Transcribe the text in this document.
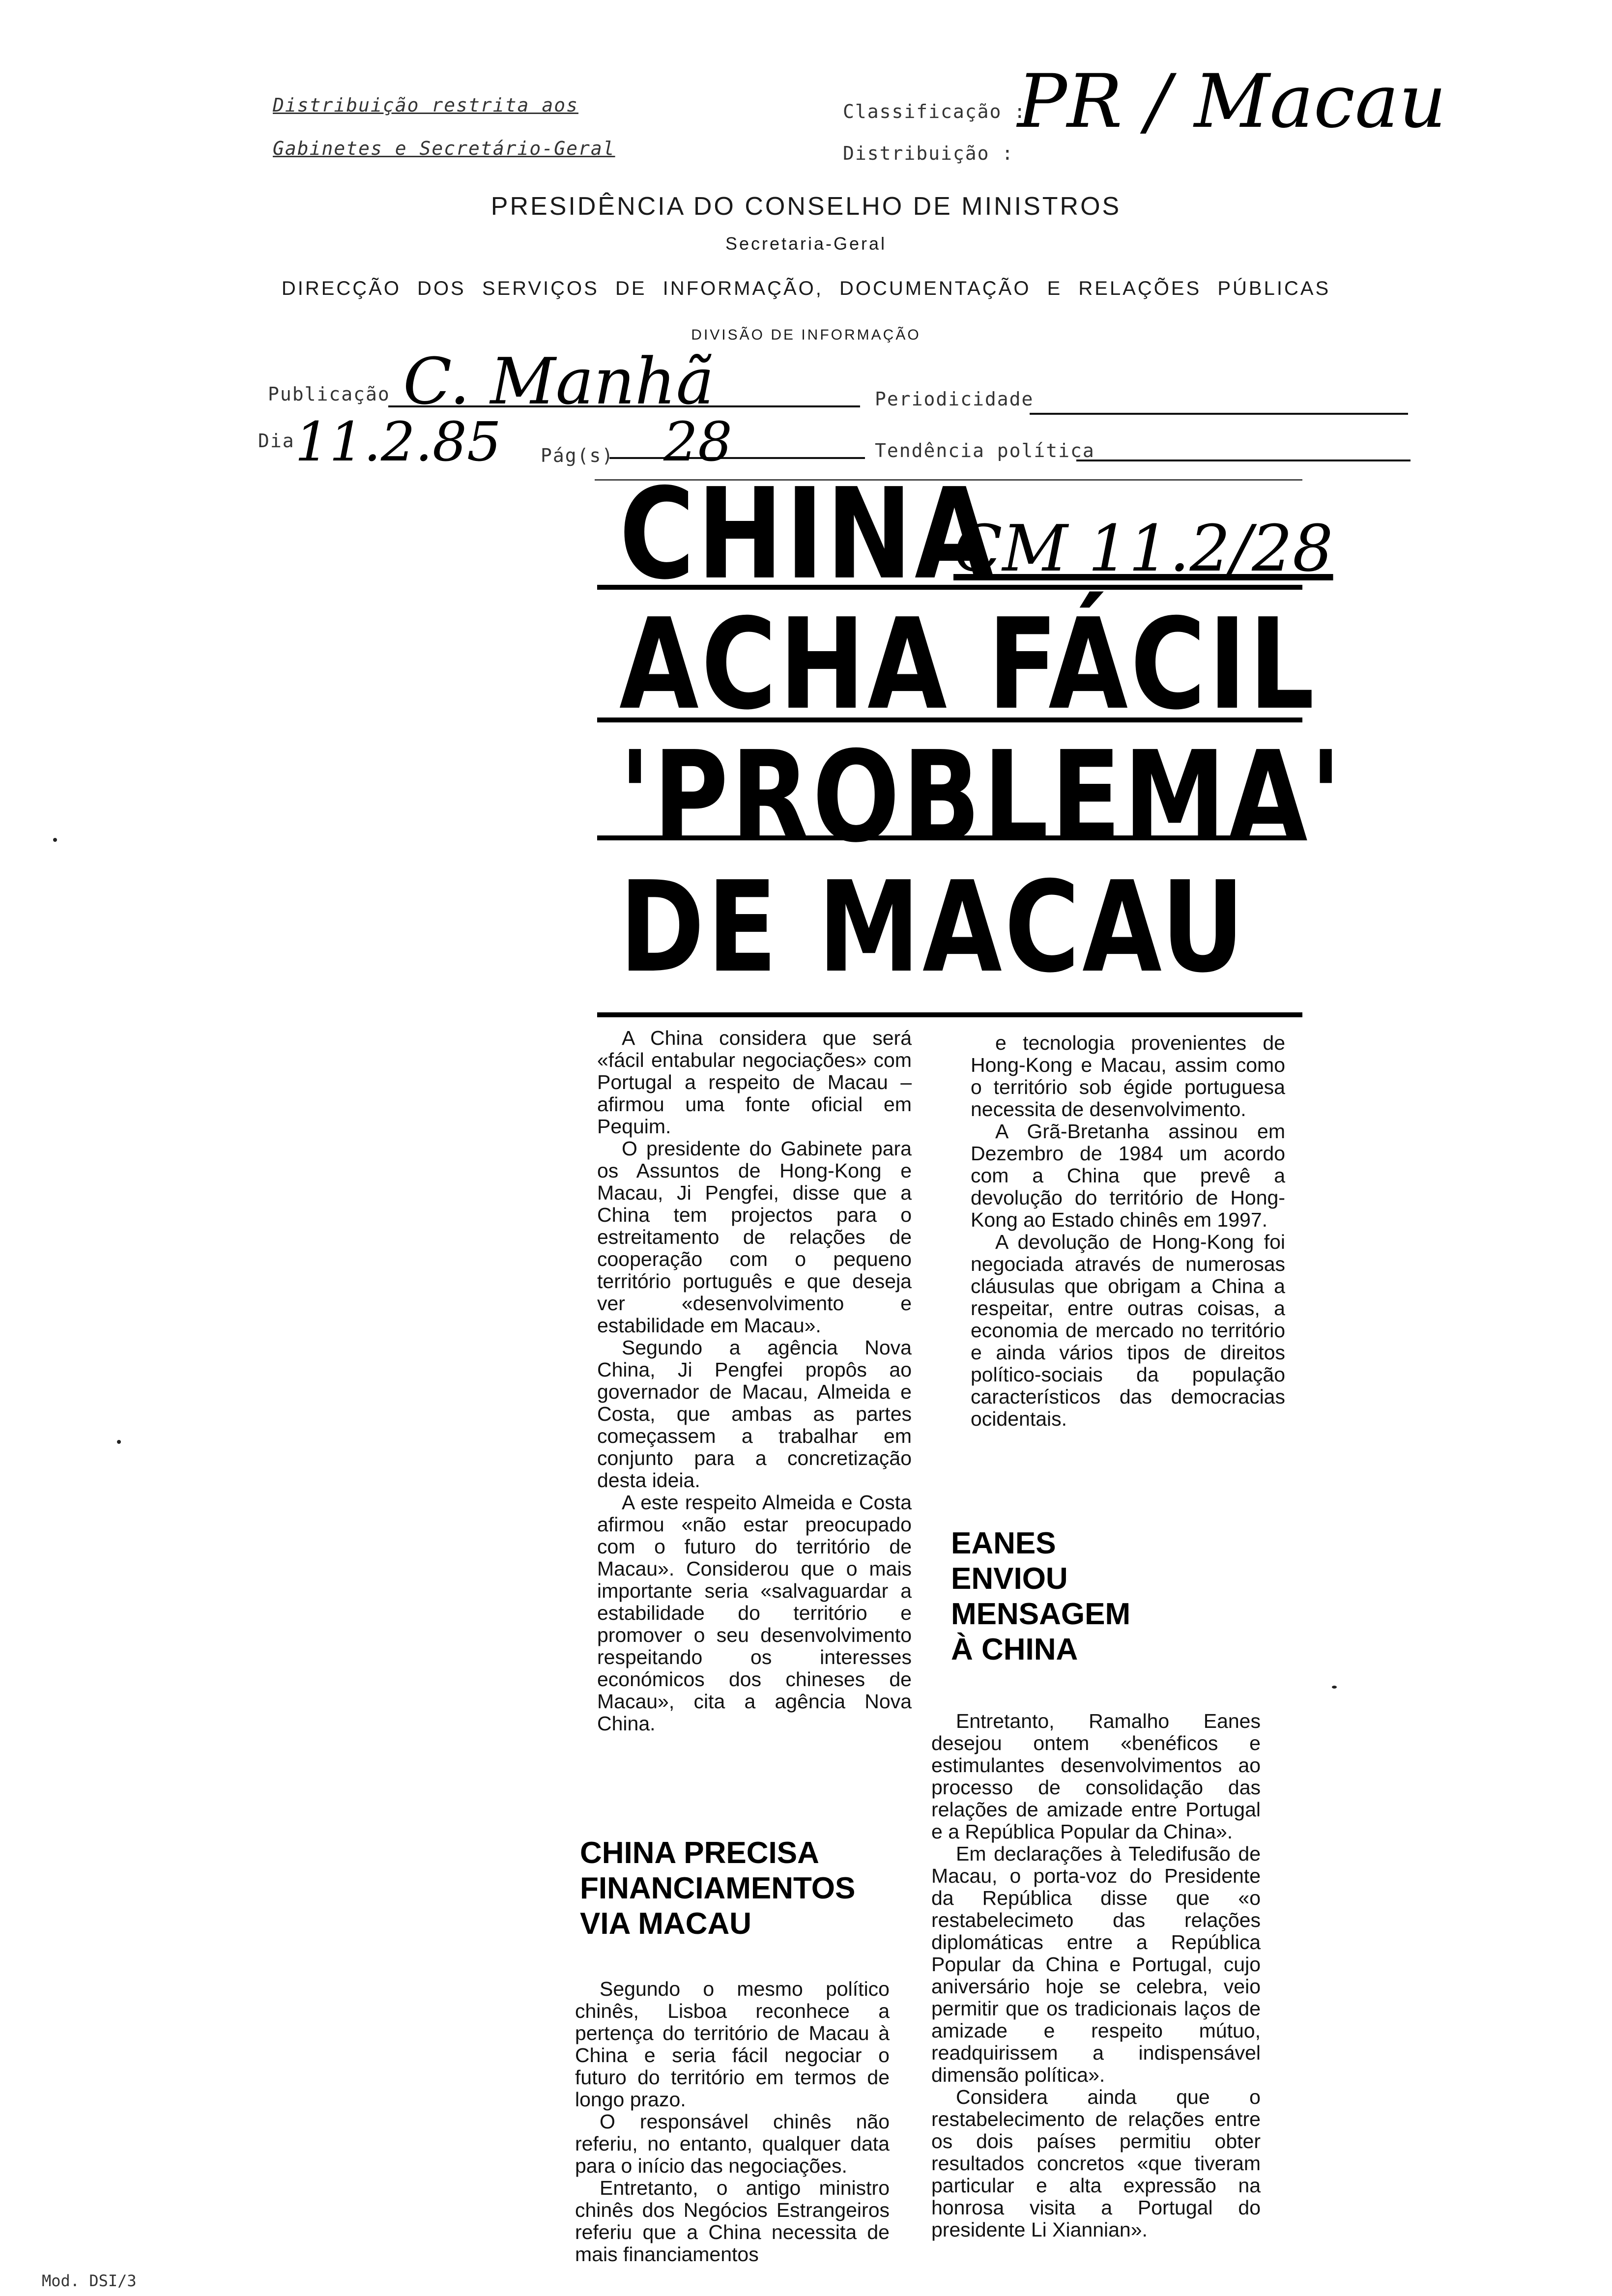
Distribuição restrita aos
Gabinetes e Secretário-Geral
Classificação :
Distribuição :
PR / Macau
PRESIDÊNCIA DO CONSELHO DE MINISTROS
Secretaria-Geral
DIRECÇÃO DOS SERVIÇOS DE INFORMAÇÃO, DOCUMENTAÇÃO E RELAÇÕES PÚBLICAS
DIVISÃO DE INFORMAÇÃO
Publicação C. Manhã	Periodicidade
Dia 11.2.85 Pág(s) 28	Tendência política
CHINA
CM 11.2/28
ACHA FÁCIL
'PROBLEMA'
DE MACAU

A China considera que será «fácil entabular negociações» com Portugal a respeito de Macau – afirmou uma fonte oficial em Pequim.

O presidente do Gabinete para os Assuntos de Hong-Kong e Macau, Ji Pengfei, disse que a China tem projectos para o estreitamento de relações de cooperação com o pequeno território português e que deseja ver «desenvolvimento e estabilidade em Macau».

Segundo a agência Nova China, Ji Pengfei propôs ao governador de Macau, Almeida e Costa, que ambas as partes começassem a trabalhar em conjunto para a concretização desta ideia.

A este respeito Almeida e Costa afirmou «não estar preocupado com o futuro do território de Macau». Considerou que o mais importante seria «salvaguardar a estabilidade do território e promover o seu desenvolvimento respeitando os interesses económicos dos chineses de Macau», cita a agência Nova China.

CHINA PRECISA
FINANCIAMENTOS
VIA MACAU

Segundo o mesmo político chinês, Lisboa reconhece a pertença do território de Macau à China e seria fácil negociar o futuro do território em termos de longo prazo.

O responsável chinês não referiu, no entanto, qualquer data para o início das negociações.

Entretanto, o antigo ministro chinês dos Negócios Estrangeiros referiu que a China necessita de mais financiamentos

e tecnologia provenientes de Hong-Kong e Macau, assim como o território sob égide portuguesa necessita de desenvolvimento.

A Grã-Bretanha assinou em Dezembro de 1984 um acordo com a China que prevê a devolução do território de Hong-Kong ao Estado chinês em 1997.

A devolução de Hong-Kong foi negociada através de numerosas cláusulas que obrigam a China a respeitar, entre outras coisas, a economia de mercado no território e ainda vários tipos de direitos político-sociais da população característicos das democracias ocidentais.

EANES
ENVIOU
MENSAGEM
À CHINA

Entretanto, Ramalho Eanes desejou ontem «benéficos e estimulantes desenvolvimentos ao processo de consolidação das relações de amizade entre Portugal e a República Popular da China».

Em declarações à Teledifusão de Macau, o porta-voz do Presidente da República disse que «o restabelecimeto das relações diplomáticas entre a República Popular da China e Portugal, cujo aniversário hoje se celebra, veio permitir que os tradicionais laços de amizade e respeito mútuo, readquirissem a indispensável dimensão política».

Considera ainda que o restabelecimento de relações entre os dois países permitiu obter resultados concretos «que tiveram particular e alta expressão na honrosa visita a Portugal do presidente Li Xiannian».

Mod. DSI/3
